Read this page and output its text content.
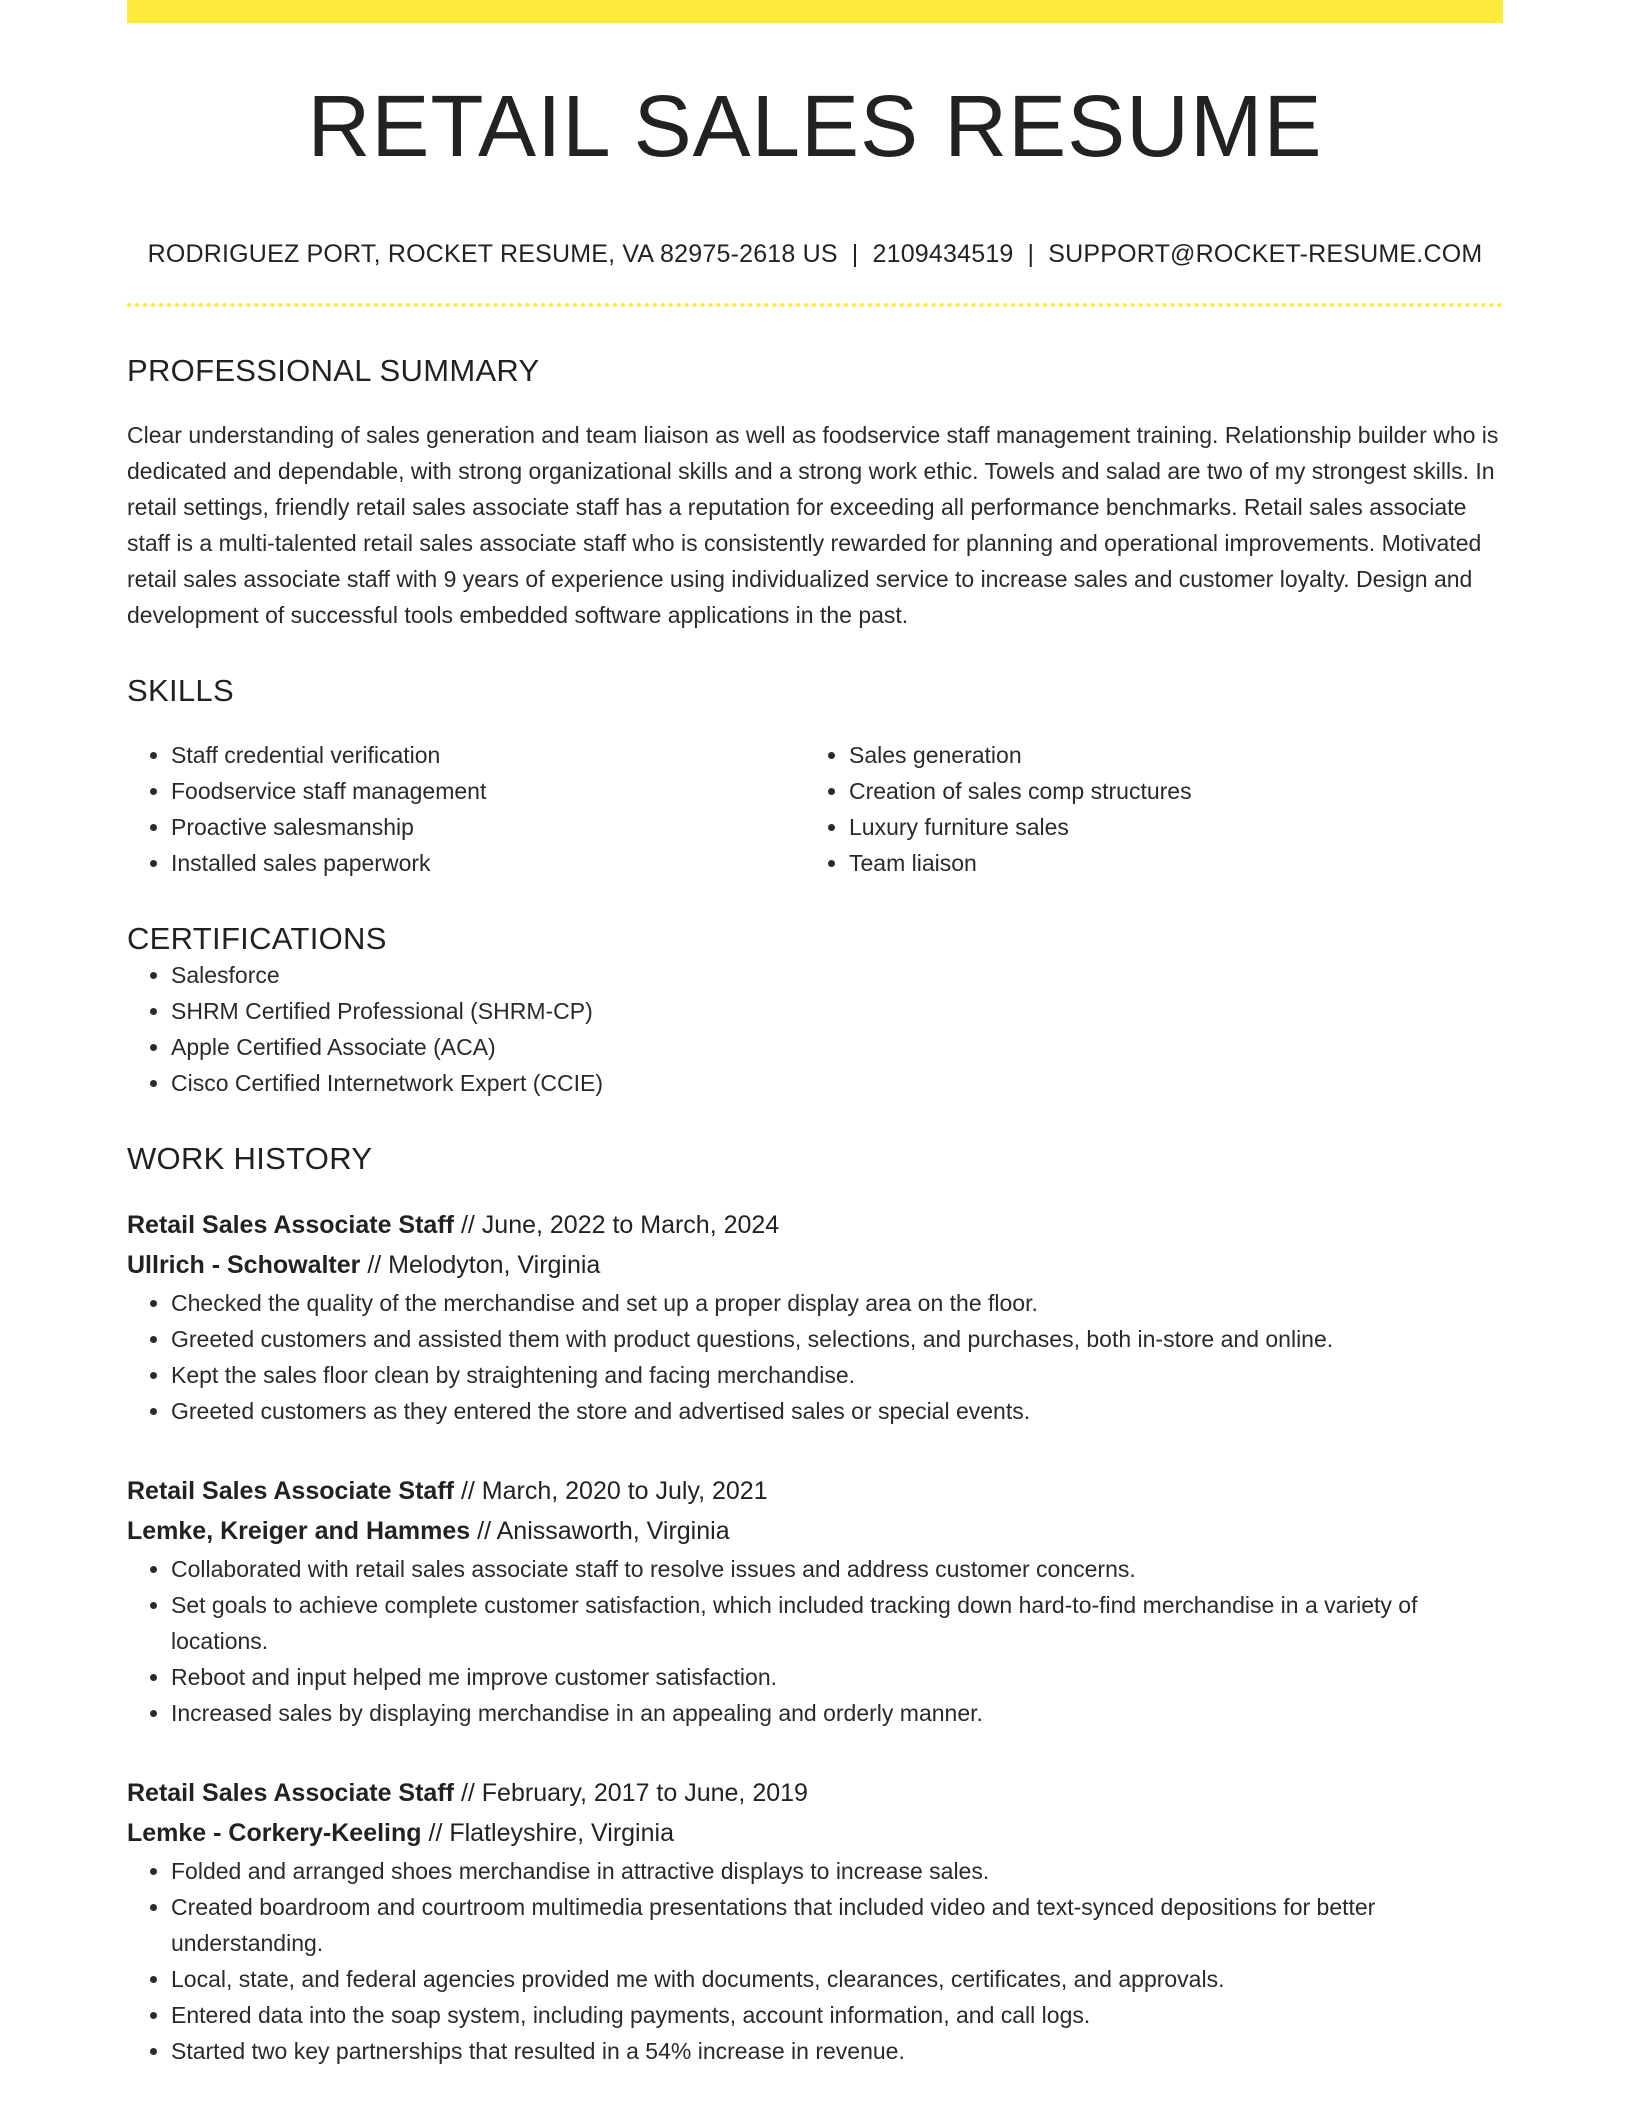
RETAIL SALES RESUME
RODRIGUEZ PORT, ROCKET RESUME, VA 82975-2618 US | 2109434519 | SUPPORT@ROCKET-RESUME.COM
PROFESSIONAL SUMMARY

Clear understanding of sales generation and team liaison as well as foodservice staff management training. Relationship builder who is dedicated and dependable, with strong organizational skills and a strong work ethic. Towels and salad are two of my strongest skills. In retail settings, friendly retail sales associate staff has a reputation for exceeding all performance benchmarks. Retail sales associate staff is a multi-talented retail sales associate staff who is consistently rewarded for planning and operational improvements. Motivated retail sales associate staff with 9 years of experience using individualized service to increase sales and customer loyalty. Design and development of successful tools embedded software applications in the past.

SKILLS
• Staff credential verification
• Foodservice staff management
• Proactive salesmanship
• Installed sales paperwork
• Sales generation
• Creation of sales comp structures
• Luxury furniture sales
• Team liaison
CERTIFICATIONS
• Salesforce
• SHRM Certified Professional (SHRM-CP)
• Apple Certified Associate (ACA)
• Cisco Certified Internetwork Expert (CCIE)
WORK HISTORY
Retail Sales Associate Staff // June, 2022 to March, 2024
Ullrich - Schowalter // Melodyton, Virginia
• Checked the quality of the merchandise and set up a proper display area on the floor.
• Greeted customers and assisted them with product questions, selections, and purchases, both in-store and online.
• Kept the sales floor clean by straightening and facing merchandise.
• Greeted customers as they entered the store and advertised sales or special events.
Retail Sales Associate Staff // March, 2020 to July, 2021
Lemke, Kreiger and Hammes // Anissaworth, Virginia
• Collaborated with retail sales associate staff to resolve issues and address customer concerns.
• Set goals to achieve complete customer satisfaction, which included tracking down hard-to-find merchandise in a variety of locations.
• Reboot and input helped me improve customer satisfaction.
• Increased sales by displaying merchandise in an appealing and orderly manner.
Retail Sales Associate Staff // February, 2017 to June, 2019
Lemke - Corkery-Keeling // Flatleyshire, Virginia
• Folded and arranged shoes merchandise in attractive displays to increase sales.
• Created boardroom and courtroom multimedia presentations that included video and text-synced depositions for better understanding.
• Local, state, and federal agencies provided me with documents, clearances, certificates, and approvals.
• Entered data into the soap system, including payments, account information, and call logs.
• Started two key partnerships that resulted in a 54% increase in revenue.
